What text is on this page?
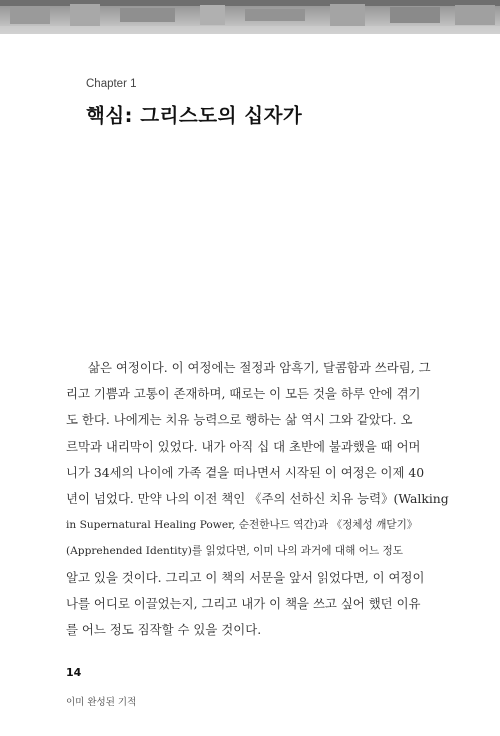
Chapter 1
핵심: 그리스도의 십자가
삶은 여정이다. 이 여정에는 절정과 암흑기, 달콤함과 쓰라림, 그
리고 기쁨과 고통이 존재하며, 때로는 이 모든 것을 하루 안에 겪기
도 한다. 나에게는 치유 능력으로 행하는 삶 역시 그와 같았다. 오
르막과 내리막이 있었다. 내가 아직 십 대 초반에 불과했을 때 어머
니가 34세의 나이에 가족 곁을 떠나면서 시작된 이 여정은 이제 40
년이 넘었다. 만약 나의 이전 책인 《주의 선하신 치유 능력》(Walking
in Supernatural Healing Power, 순전한나드 역간)과 《정체성 깨닫기》
(Apprehended Identity)를 읽었다면, 이미 나의 과거에 대해 어느 정도
알고 있을 것이다. 그리고 이 책의 서문을 앞서 읽었다면, 이 여정이
나를 어디로 이끌었는지, 그리고 내가 이 책을 쓰고 싶어 했던 이유
를 어느 정도 짐작할 수 있을 것이다.
14
이미 완성된 기적
